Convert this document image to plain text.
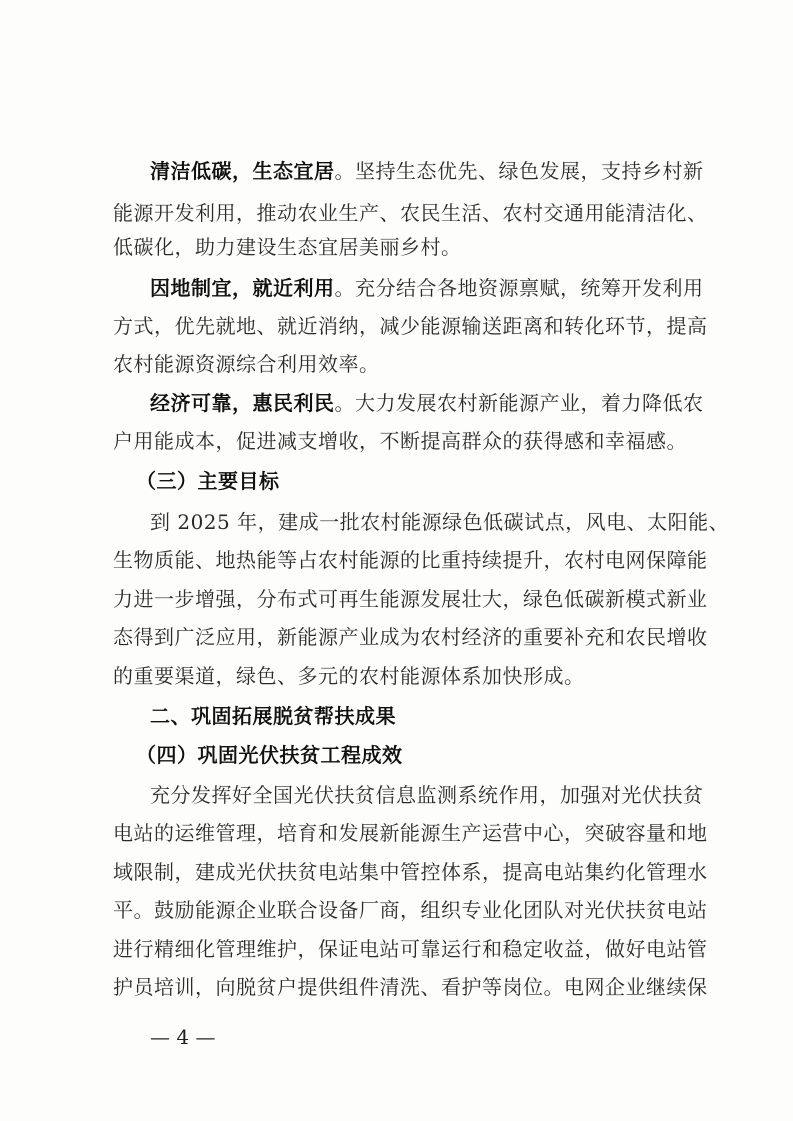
清洁低碳，生态宜居。坚持生态优先、绿色发展，支持乡村新
能源开发利用，推动农业生产、农民生活、农村交通用能清洁化、
低碳化，助力建设生态宜居美丽乡村。
因地制宜，就近利用。充分结合各地资源禀赋，统筹开发利用
方式，优先就地、就近消纳，减少能源输送距离和转化环节，提高
农村能源资源综合利用效率。
经济可靠，惠民利民。大力发展农村新能源产业，着力降低农
户用能成本，促进减支增收，不断提高群众的获得感和幸福感。
（三）主要目标
到 2025 年，建成一批农村能源绿色低碳试点，风电、太阳能、
生物质能、地热能等占农村能源的比重持续提升，农村电网保障能
力进一步增强，分布式可再生能源发展壮大，绿色低碳新模式新业
态得到广泛应用，新能源产业成为农村经济的重要补充和农民增收
的重要渠道，绿色、多元的农村能源体系加快形成。
二、巩固拓展脱贫帮扶成果
（四）巩固光伏扶贫工程成效
充分发挥好全国光伏扶贫信息监测系统作用，加强对光伏扶贫
电站的运维管理，培育和发展新能源生产运营中心，突破容量和地
域限制，建成光伏扶贫电站集中管控体系，提高电站集约化管理水
平。鼓励能源企业联合设备厂商，组织专业化团队对光伏扶贫电站
进行精细化管理维护，保证电站可靠运行和稳定收益，做好电站管
护员培训，向脱贫户提供组件清洗、看护等岗位。电网企业继续保
— 4 —
